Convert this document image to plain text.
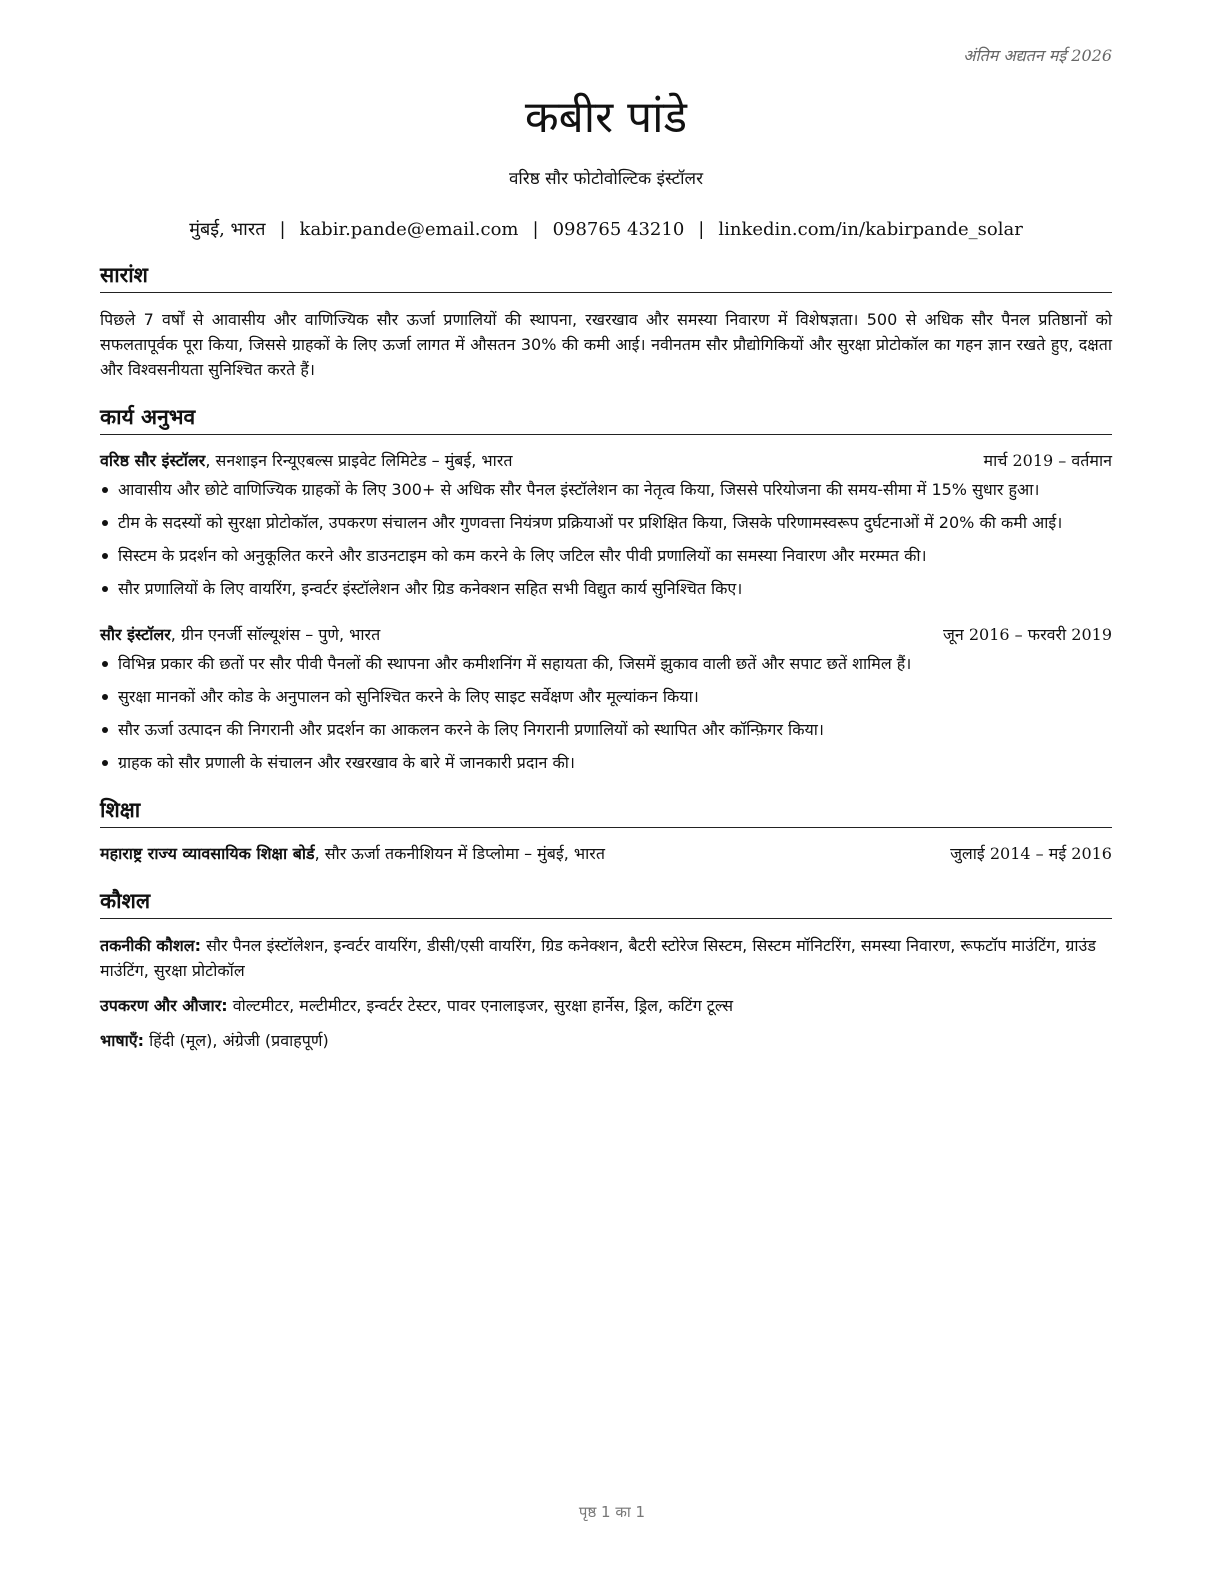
अंतिम अद्यतन मई 2026
कबीर पांडे
वरिष्ठ सौर फोटोवोल्टिक इंस्टॉलर
मुंबई, भारत | kabir.pande@email.com | 098765 43210 | linkedin.com/in/kabirpande_solar
सारांश
पिछले 7 वर्षों से आवासीय और वाणिज्यिक सौर ऊर्जा प्रणालियों की स्थापना, रखरखाव और समस्या निवारण में विशेषज्ञता। 500 से अधिक सौर पैनल प्रतिष्ठानों को सफलतापूर्वक पूरा किया, जिससे ग्राहकों के लिए ऊर्जा लागत में औसतन 30% की कमी आई। नवीनतम सौर प्रौद्योगिकियों और सुरक्षा प्रोटोकॉल का गहन ज्ञान रखते हुए, दक्षता और विश्वसनीयता सुनिश्चित करते हैं।
कार्य अनुभव
वरिष्ठ सौर इंस्टॉलर, सनशाइन रिन्यूएबल्स प्राइवेट लिमिटेड – मुंबई, भारत	मार्च 2019 – वर्तमान
आवासीय और छोटे वाणिज्यिक ग्राहकों के लिए 300+ से अधिक सौर पैनल इंस्टॉलेशन का नेतृत्व किया, जिससे परियोजना की समय-सीमा में 15% सुधार हुआ।
टीम के सदस्यों को सुरक्षा प्रोटोकॉल, उपकरण संचालन और गुणवत्ता नियंत्रण प्रक्रियाओं पर प्रशिक्षित किया, जिसके परिणामस्वरूप दुर्घटनाओं में 20% की कमी आई।
सिस्टम के प्रदर्शन को अनुकूलित करने और डाउनटाइम को कम करने के लिए जटिल सौर पीवी प्रणालियों का समस्या निवारण और मरम्मत की।
सौर प्रणालियों के लिए वायरिंग, इन्वर्टर इंस्टॉलेशन और ग्रिड कनेक्शन सहित सभी विद्युत कार्य सुनिश्चित किए।
सौर इंस्टॉलर, ग्रीन एनर्जी सॉल्यूशंस – पुणे, भारत	जून 2016 – फरवरी 2019
विभिन्न प्रकार की छतों पर सौर पीवी पैनलों की स्थापना और कमीशनिंग में सहायता की, जिसमें झुकाव वाली छतें और सपाट छतें शामिल हैं।
सुरक्षा मानकों और कोड के अनुपालन को सुनिश्चित करने के लिए साइट सर्वेक्षण और मूल्यांकन किया।
सौर ऊर्जा उत्पादन की निगरानी और प्रदर्शन का आकलन करने के लिए निगरानी प्रणालियों को स्थापित और कॉन्फ़िगर किया।
ग्राहक को सौर प्रणाली के संचालन और रखरखाव के बारे में जानकारी प्रदान की।
शिक्षा
महाराष्ट्र राज्य व्यावसायिक शिक्षा बोर्ड, सौर ऊर्जा तकनीशियन में डिप्लोमा – मुंबई, भारत	जुलाई 2014 – मई 2016
कौशल
तकनीकी कौशल: सौर पैनल इंस्टॉलेशन, इन्वर्टर वायरिंग, डीसी/एसी वायरिंग, ग्रिड कनेक्शन, बैटरी स्टोरेज सिस्टम, सिस्टम मॉनिटरिंग, समस्या निवारण, रूफटॉप माउंटिंग, ग्राउंड माउंटिंग, सुरक्षा प्रोटोकॉल
उपकरण और औजार: वोल्टमीटर, मल्टीमीटर, इन्वर्टर टेस्टर, पावर एनालाइजर, सुरक्षा हार्नेस, ड्रिल, कटिंग टूल्स
भाषाएँ: हिंदी (मूल), अंग्रेजी (प्रवाहपूर्ण)
पृष्ठ 1 का 1
